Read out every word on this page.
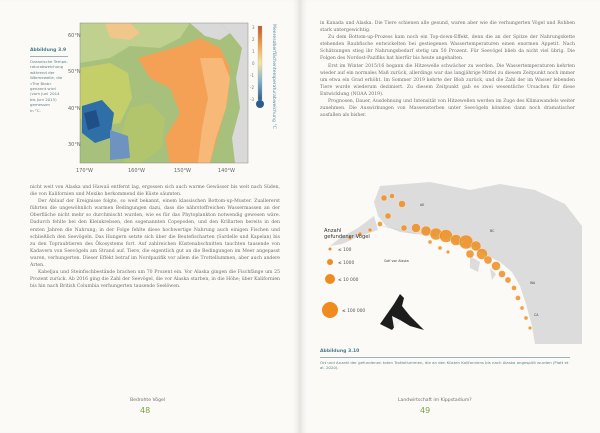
60°N
50°N
40°N
30°N
170°W	160°W	150°W	140°W
3
2
1
0
-1
-2
-3	Meeresoberflächentemperaturabweichung °C
Abbildung 3.9
Ozeanische Tempe-
raturabweichung
während der
Wärmewelle, die
»The Blob«
genannt wird
(vom Juni 2014
bis Juni 2015)
gemessen
in °C.

nicht weit von Alaska und Hawaii entfernt lag, ergossen sich auch warme Gewässer bis weit nach Süden, die von Kalifornien und Mexiko herkommend die Küste säumten.

Der Ablauf der Ereignisse folgte, so weit bekannt, einem klassischen Bottom-up-Muster. Zuallererst führten die ungewöhnlich warmen Bedingungen dazu, dass die nährstoffreichen Wassermassen an der Oberfläche nicht mehr so durchmischt wurden, wie es für das Phytoplankton notwendig gewesen wäre. Dadurch fehlte bei den Kleinkrebsen, den sogenannten Copepoden, und den Krillarten bereits in den ersten Jahren die Nahrung; in der Folge fehlte diese hochwertige Nahrung auch einigen Fischen und schließlich den Seevögeln. Das Hungern setzte sich über die Beutefischarten (Sardelle und Kapelan) bis zu den Topraubtieren des Ökosystems fort. Auf zahlreichen Küstenabschnitten tauchten tausende von Kadavern von Seevögeln am Strand auf. Tiere, die eigentlich gut an die Bedingungen im Meer angepasst waren, verhungerten. Dieser Effekt betraf im Nordpazifik vor allem die Trottellummen, aber auch andere Arten.

Kabeljau und Steinfischbestände brachen um 70 Prozent ein. Vor Alaska gingen die Fischfänge um 25 Prozent zurück. Ab 2016 ging die Zahl der Seevögel, die vor Alaska starben, in die Höhe; über Kalifornien bis hin nach British Columbia verhungerten tausende Seelöwen.

Bedrohte Vögel
48

in Kanada und Alaska. Die Tiere schienen alle gesund, waren aber wie die verhungerten Vögel und Robben stark untergewichtig.

Zu dem Bottom-up-Prozess kam noch ein Top-down-Effekt, denn die an der Spitze der Nahrungskette stehenden Raubfische entwickelten bei gestiegenen Wassertemperaturen einen enormen Appetit. Nach Schätzungen stieg ihr Nahrungsbedarf stetig um 50 Prozent. Für Seevögel blieb da nicht viel übrig. Die Folgen des Nordost-Pazifiks hat hierfür bis heute angehalten.

Erst im Winter 2015/16 begann die Hitzewelle schwächer zu werden. Die Wassertemperaturen kehrten wieder auf ein normales Maß zurück, allerdings war das langjährige Mittel zu diesem Zeitpunkt noch immer um etwa ein Grad erhöht. Im Sommer 2019 kehrte der Blob zurück, und die Zahl der im Wasser lebenden Tiere wurde wiederum dezimiert. Zu diesem Zeitpunkt gab es zwei wesentliche Ursachen für diese Entwicklung (NOAA 2019).

Prognosen, Dauer, Ausdehnung und Intensität von Hitzewellen werden im Zuge des Klimawandels weiter zunehmen. Die Auswirkungen von Massensterben unter Seevögeln könnten dann noch dramatischer ausfallen als bisher.

Golf von Alaska
AK
BC
WA
CA
Anzahl
gefundener Vögel
≤ 100
≤ 1000
≤ 10 000
≤ 100 000
Abbildung 3.10
Ort und Anzahl der gefundenen toten Trottellummen, die an den Küsten Kaliforniens bis nach Alaska angespült wurden (Piatt et al. 2020).
Landwirtschaft im Kippstadium?
49
